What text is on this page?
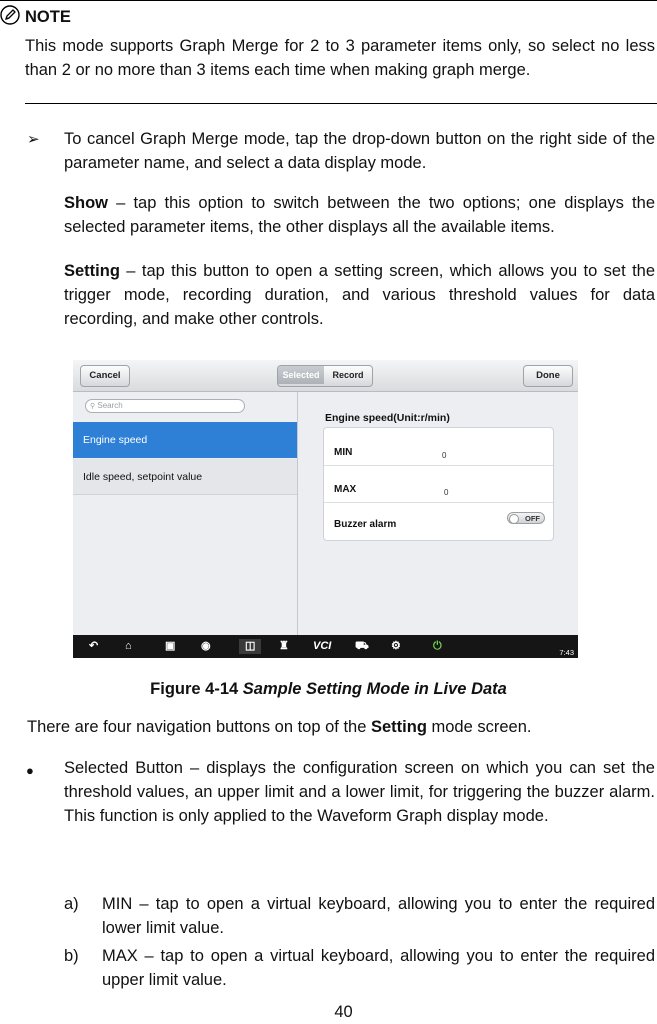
NOTE
This mode supports Graph Merge for 2 to 3 parameter items only, so select no less than 2 or no more than 3 items each time when making graph merge.
➢ To cancel Graph Merge mode, tap the drop-down button on the right side of the parameter name, and select a data display mode.
Show – tap this option to switch between the two options; one displays the selected parameter items, the other displays all the available items.
Setting – tap this button to open a setting screen, which allows you to set the trigger mode, recording duration, and various threshold values for data recording, and make other controls.
Cancel	Selected	Record	Done
⚲ Search
Engine speed
Idle speed, setpoint value
Engine speed(Unit:r/min)
MIN	0
MAX	0
Buzzer alarm
OFF
↶ ⌂	▣ ◉	◫	♜ VCI ⛟ ⚙	⏻
7:43
Figure 4-14 Sample Setting Mode in Live Data
There are four navigation buttons on top of the Setting mode screen.
● Selected Button – displays the configuration screen on which you can set the threshold values, an upper limit and a lower limit, for triggering the buzzer alarm. This function is only applied to the Waveform Graph display mode.
a) MIN – tap to open a virtual keyboard, allowing you to enter the required lower limit value.
b) MAX – tap to open a virtual keyboard, allowing you to enter the required upper limit value.
40
